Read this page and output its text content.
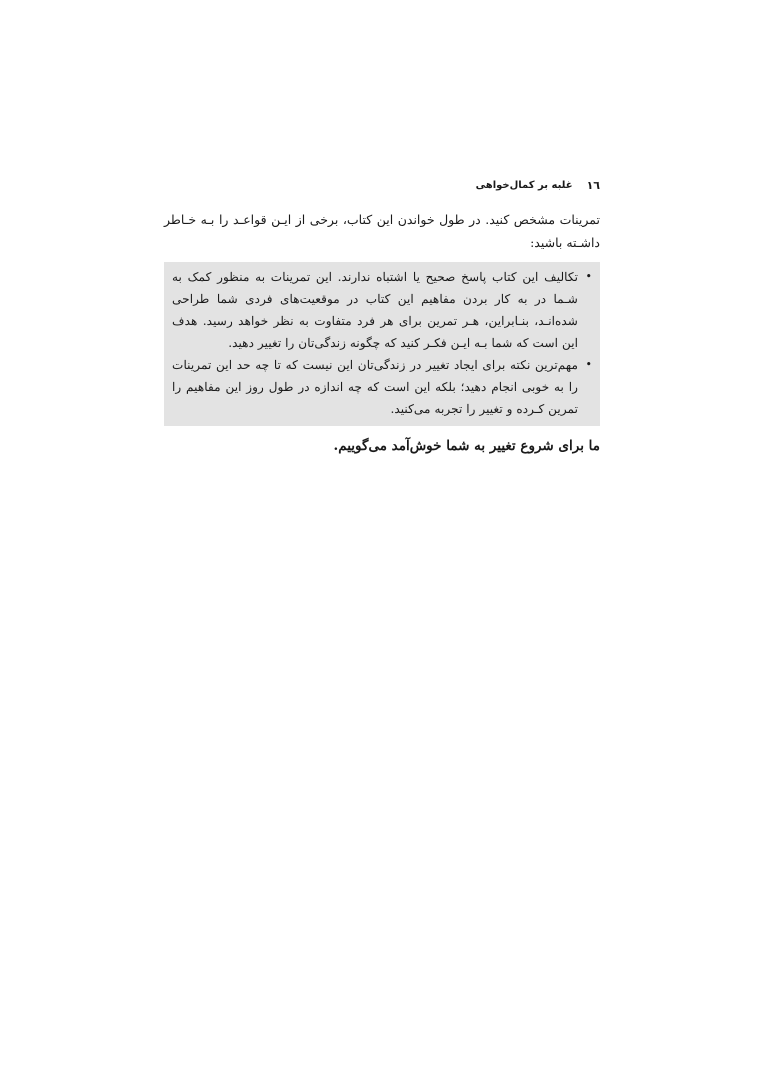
١٦
غلبه بر کمال‌خواهی

تمرینات مشخص کنید. در طول خواندن این کتاب، برخی از ایـن قواعـد را بـه خـاطر داشـته باشید:

•
تکالیف این کتاب پاسخ صحیح یا اشتباه ندارند. این تمرینات به منظور کمک به شـما در به کار بردن مفاهیم این کتاب در موقعیت‌های فردی شما طراحی شده‌انـد، بنـابراین، هـر تمرین برای هر فرد متفاوت به نظر خواهد رسید. هدف این است که شما بـه ایـن فکـر کنید که چگونه زندگی‌تان را تغییر دهید.
•
مهم‌ترین نکته برای ایجاد تغییر در زندگی‌تان این نیست که تا چه حد این تمرینات را به خوبی انجام دهید؛ بلکه این است که چه اندازه در طول روز این مفاهیم را تمرین کـرده و تغییر را تجربه می‌کنید.

ما برای شروع تغییر به شما خوش‌آمد می‌گوییم.
